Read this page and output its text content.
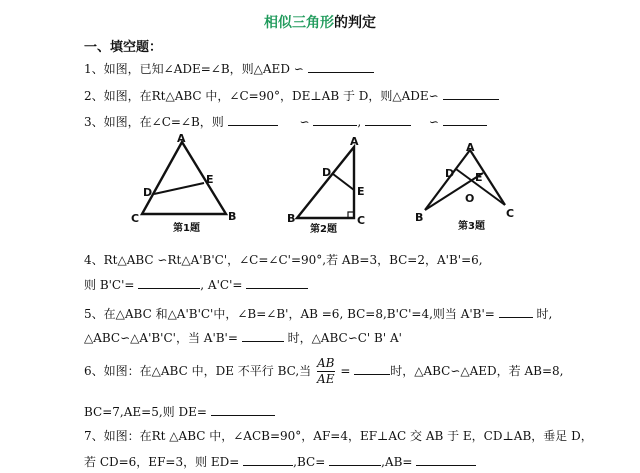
相似三角形的判定
一、填空题：
1、如图，已知∠ADE=∠B，则△AED ∽
2、如图，在Rt△ABC 中，∠C=90°，DE⊥AB 于 D，则△ADE∽
3、如图，在∠C=∠B，则	∽	,	∽
A
D
E
C	B
第1题
A
D
E
B	C
第2题
A
D E
O
B	C
第3题
4、Rt△ABC ∽Rt△A'B'C'，∠C=∠C'=90°,若 AB=3，BC=2，A'B'=6,
则 B'C'=	, A'C'=
5、在△ABC 和△A'B'C'中，∠B=∠B'，AB =6, BC=8,B'C'=4,则当 A'B'=	时,
△ABC∽△A'B'C'，当 A'B'=	时，△ABC∽C' B' A'
6、如图：在△ABC 中，DE 不平行 BC,当 $\frac{AB}{AE}$ =	时，△ABC∽△AED，若 AB=8,
BC=7,AE=5,则 DE=
7、如图：在Rt △ABC 中，∠ACB=90°，AF=4，EF⊥AC 交 AB 于 E，CD⊥AB，垂足 D，
若 CD=6，EF=3，则 ED=	,BC=	,AB=
